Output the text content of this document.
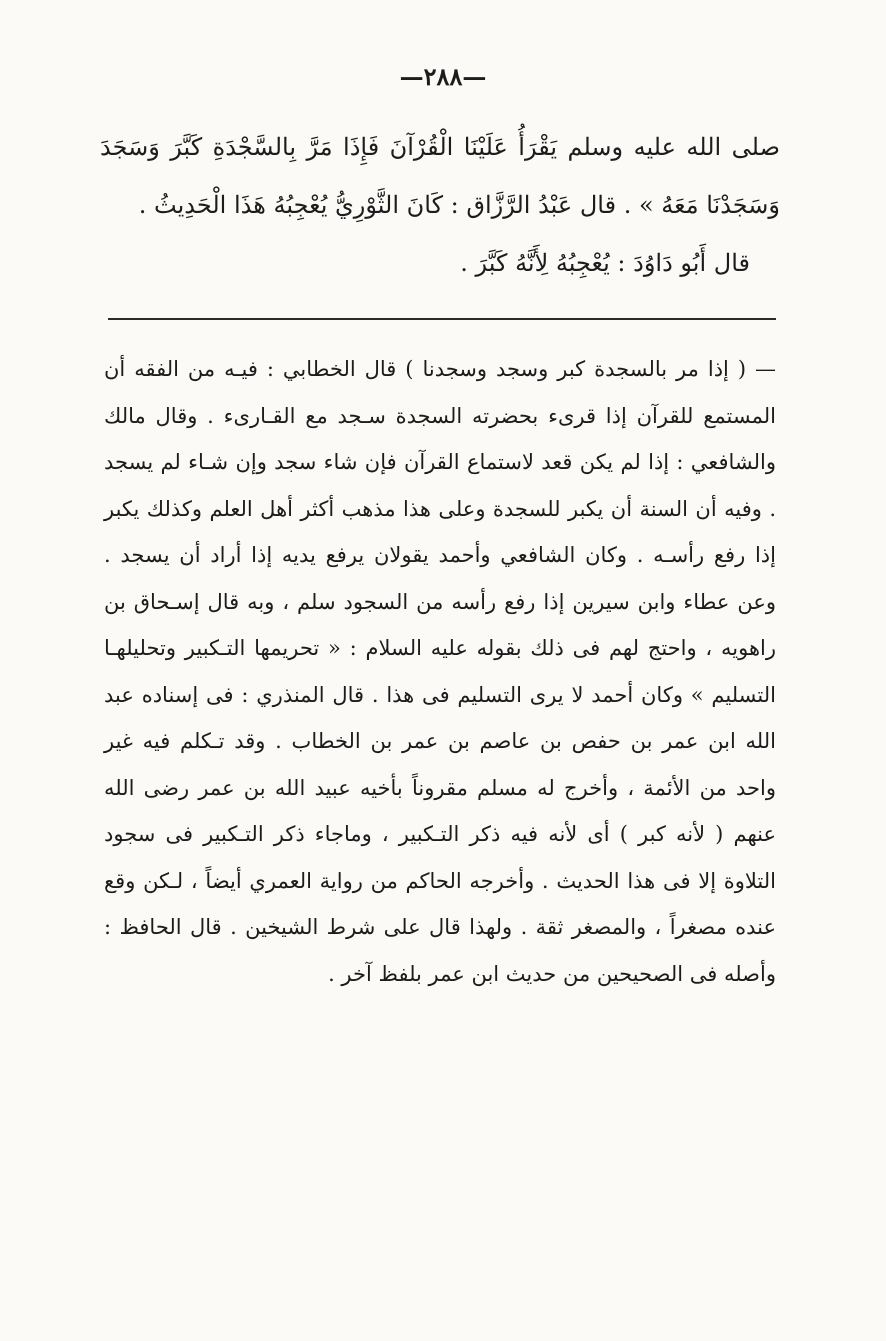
—٢٨٨—

صلى الله عليه وسلم يَقْرَأُ عَلَيْنَا الْقُرْآنَ فَإِذَا مَرَّ بِالسَّجْدَةِ كَبَّرَ وَسَجَدَ وَسَجَدْنَا مَعَهُ » . قال عَبْدُ الرَّزَّاق : كَانَ الثَّوْرِيُّ يُعْجِبُهُ هَذَا الْحَدِيثُ .

قال أَبُو دَاوُدَ : يُعْجِبُهُ لِأَنَّهُ كَبَّرَ .

— ( إذا مر بالسجدة كبر وسجد وسجدنا ) قال الخطابي : فيـه من الفقه أن المستمع للقرآن إذا قرىء بحضرته السجدة سـجد مع القـارىء . وقال مالك والشافعي : إذا لم يكن قعد لاستماع القرآن فإن شاء سجد وإن شـاء لم يسجد . وفيه أن السنة أن يكبر للسجدة وعلى هذا مذهب أكثر أهل العلم وكذلك يكبر إذا رفع رأسـه . وكان الشافعي وأحمد يقولان يرفع يديه إذا أراد أن يسجد . وعن عطاء وابن سيرين إذا رفع رأسه من السجود سلم ، وبه قال إسـحاق بن راهويه ، واحتج لهم فى ذلك بقوله عليه السلام : « تحريمها التـكبير وتحليلهـا التسليم » وكان أحمد لا يرى التسليم فى هذا . قال المنذري : فى إسناده عبد الله ابن عمر بن حفص بن عاصم بن عمر بن الخطاب . وقد تـكلم فيه غير واحد من الأئمة ، وأخرج له مسلم مقروناً بأخيه عبيد الله بن عمر رضى الله عنهم ( لأنه كبر ) أى لأنه فيه ذكر التـكبير ، وماجاء ذكر التـكبير فى سجود التلاوة إلا فى هذا الحديث . وأخرجه الحاكم من رواية العمري أيضاً ، لـكن وقع عنده مصغراً ، والمصغر ثقة . ولهذا قال على شرط الشيخين . قال الحافظ : وأصله فى الصحيحين من حديث ابن عمر بلفظ آخر .
